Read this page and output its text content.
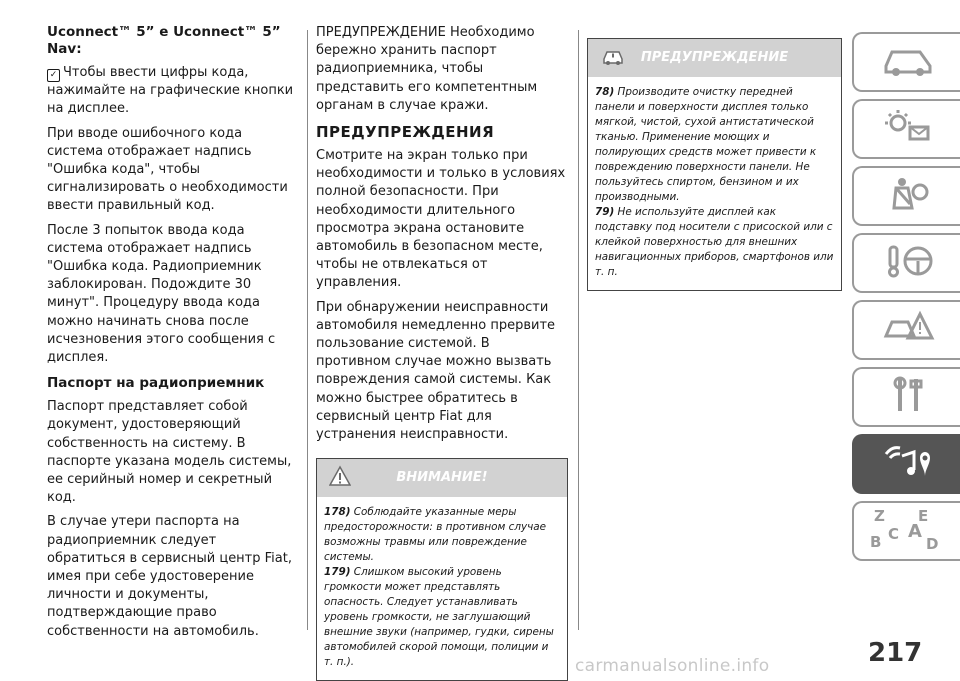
Uconnect™ 5” e Uconnect™ 5” Nav:

✓ Чтобы ввести цифры кода, нажимайте на графические кнопки на дисплее.

При вводе ошибочного кода система отображает надпись "Ошибка кода", чтобы сигнализировать о необходимости ввести правильный код.

После 3 попыток ввода кода система отображает надпись "Ошибка кода. Радиоприемник заблокирован. Подождите 30 минут". Процедуру ввода кода можно начинать снова после исчезновения этого сообщения с дисплея.

Паспорт на радиоприемник

Паспорт представляет собой документ, удостоверяющий собственность на систему. В паспорте указана модель системы, ее серийный номер и секретный код.

В случае утери паспорта на радиоприемник следует обратиться в сервисный центр Fiat, имея при себе удостоверение личности и документы, подтверждающие право собственности на автомобиль.

ПРЕДУПРЕЖДЕНИЕ Необходимо бережно хранить паспорт радиоприемника, чтобы представить его компетентным органам в случае кражи.

ПРЕДУПРЕЖДЕНИЯ

Смотрите на экран только при необходимости и только в условиях полной безопасности. При необходимости длительного просмотра экрана остановите автомобиль в безопасном месте, чтобы не отвлекаться от управления.

При обнаружении неисправности автомобиля немедленно прервите пользование системой. В противном случае можно вызвать повреждения самой системы. Как можно быстрее обратитесь в сервисный центр Fiat для устранения неисправности.

ВНИМАНИЕ!
178) Соблюдайте указанные меры предосторожности: в противном случае возможны травмы или повреждение системы.
179) Слишком высокий уровень громкости может представлять опасность. Следует устанавливать уровень громкости, не заглушающий внешние звуки (например, гудки, сирены автомобилей скорой помощи, полиции и т. п.).
ПРЕДУПРЕЖДЕНИЕ
78) Производите очистку передней панели и поверхности дисплея только мягкой, чистой, сухой антистатической тканью. Применение моющих и полирующих средств может привести к повреждению поверхности панели. Не пользуйтесь спиртом, бензином и их производными.
79) Не используйте дисплей как подставку под носители с присоской или с клейкой поверхностью для внешних навигационных приборов, смартфонов или т. п.
Z E
B A
C
D
217
carmanualsonline.info
